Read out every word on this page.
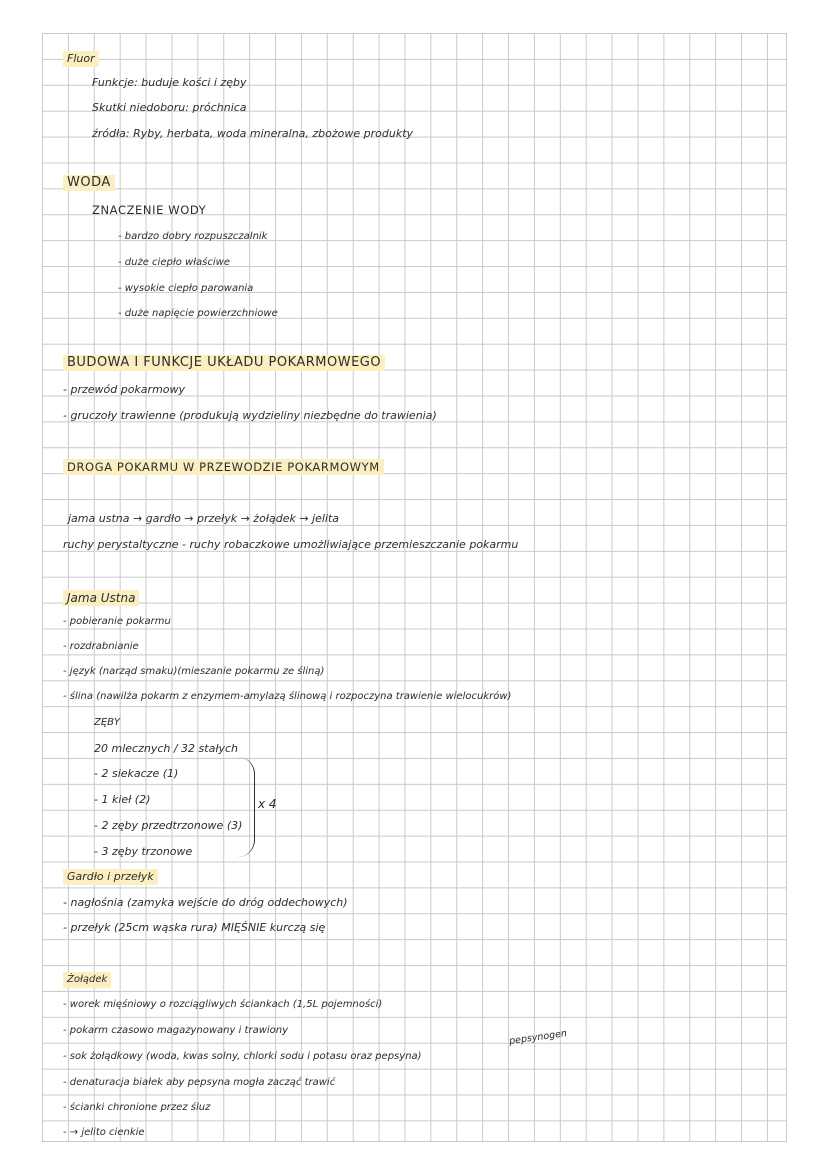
Fluor
Funkcje: buduje kości i zęby
Skutki niedoboru: próchnica
źródła: Ryby, herbata, woda mineralna, zbożowe produkty
WODA
ZNACZENIE WODY
- bardzo dobry rozpuszczalnik
- duże ciepło właściwe
- wysokie ciepło parowania
- duże napięcie powierzchniowe
BUDOWA I FUNKCJE UKŁADU POKARMOWEGO
- przewód pokarmowy
- gruczoły trawienne (produkują wydzieliny niezbędne do trawienia)
DROGA POKARMU W PRZEWODZIE POKARMOWYM
jama ustna → gardło → przełyk → żołądek → jelita
ruchy perystaltyczne - ruchy robaczkowe umożliwiające przemieszczanie pokarmu
Jama Ustna
- pobieranie pokarmu
- rozdrabnianie
- język (narząd smaku)(mieszanie pokarmu ze śliną)
- ślina (nawilża pokarm z enzymem-amylazą ślinową i rozpoczyna trawienie wielocukrów)
ZĘBY
20 mlecznych / 32 stałych
- 2 siekacze (1)
- 1 kieł (2)
- 2 zęby przedtrzonowe (3)
- 3 zęby trzonowe
x 4
Gardło i przełyk
- nagłośnia (zamyka wejście do dróg oddechowych)
- przełyk (25cm wąska rura) MIĘŚNIE kurczą się
Żołądek
- worek mięśniowy o rozciągliwych ściankach (1,5L pojemności)
- pokarm czasowo magazynowany i trawiony
- sok żołądkowy (woda, kwas solny, chlorki sodu i potasu oraz pepsyna)
pepsynogen
- denaturacja białek aby pepsyna mogła zacząć trawić
- ścianki chronione przez śluz
- → jelito cienkie
